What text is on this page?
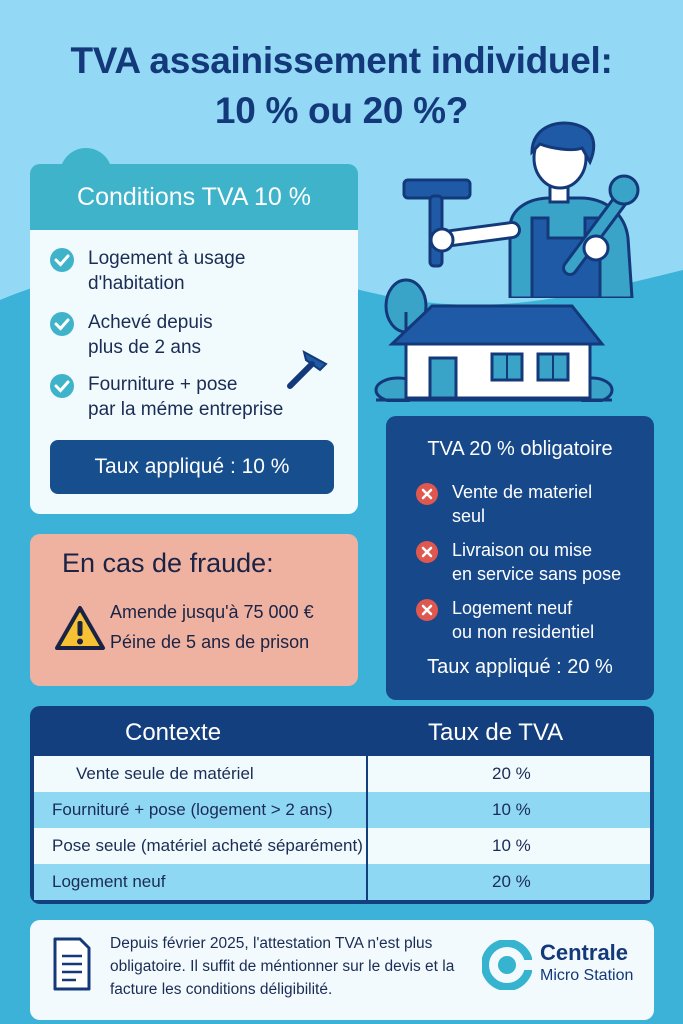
TVA assainissement individuel:
10 % ou 20 %?
Conditions TVA 10 %
Logement à usage
d'habitation
Achevé depuis
plus de 2 ans
Fourniture + pose
par la méme entreprise
Taux appliqué : 10 %
En cas de fraude:
Amende jusqu'à 75 000 €
Péine de 5 ans de prison
TVA 20 % obligatoire
Vente de materiel
seul
Livraison ou mise
en service sans pose
Logement neuf
ou non residentiel
Taux appliqué : 20 %
Contexte	Taux de TVA
Vente seule de matériel	20 %
Fournituré + pose (logement > 2 ans)	10 %
Pose seule (matériel acheté séparément)	10 %
Logement neuf	20 %
Depuis février 2025, l'attestation TVA n'est plus obligatoire. Il suffit de méntionner sur le devis et la facture les conditions déligibilité.
Centrale
Micro Station
